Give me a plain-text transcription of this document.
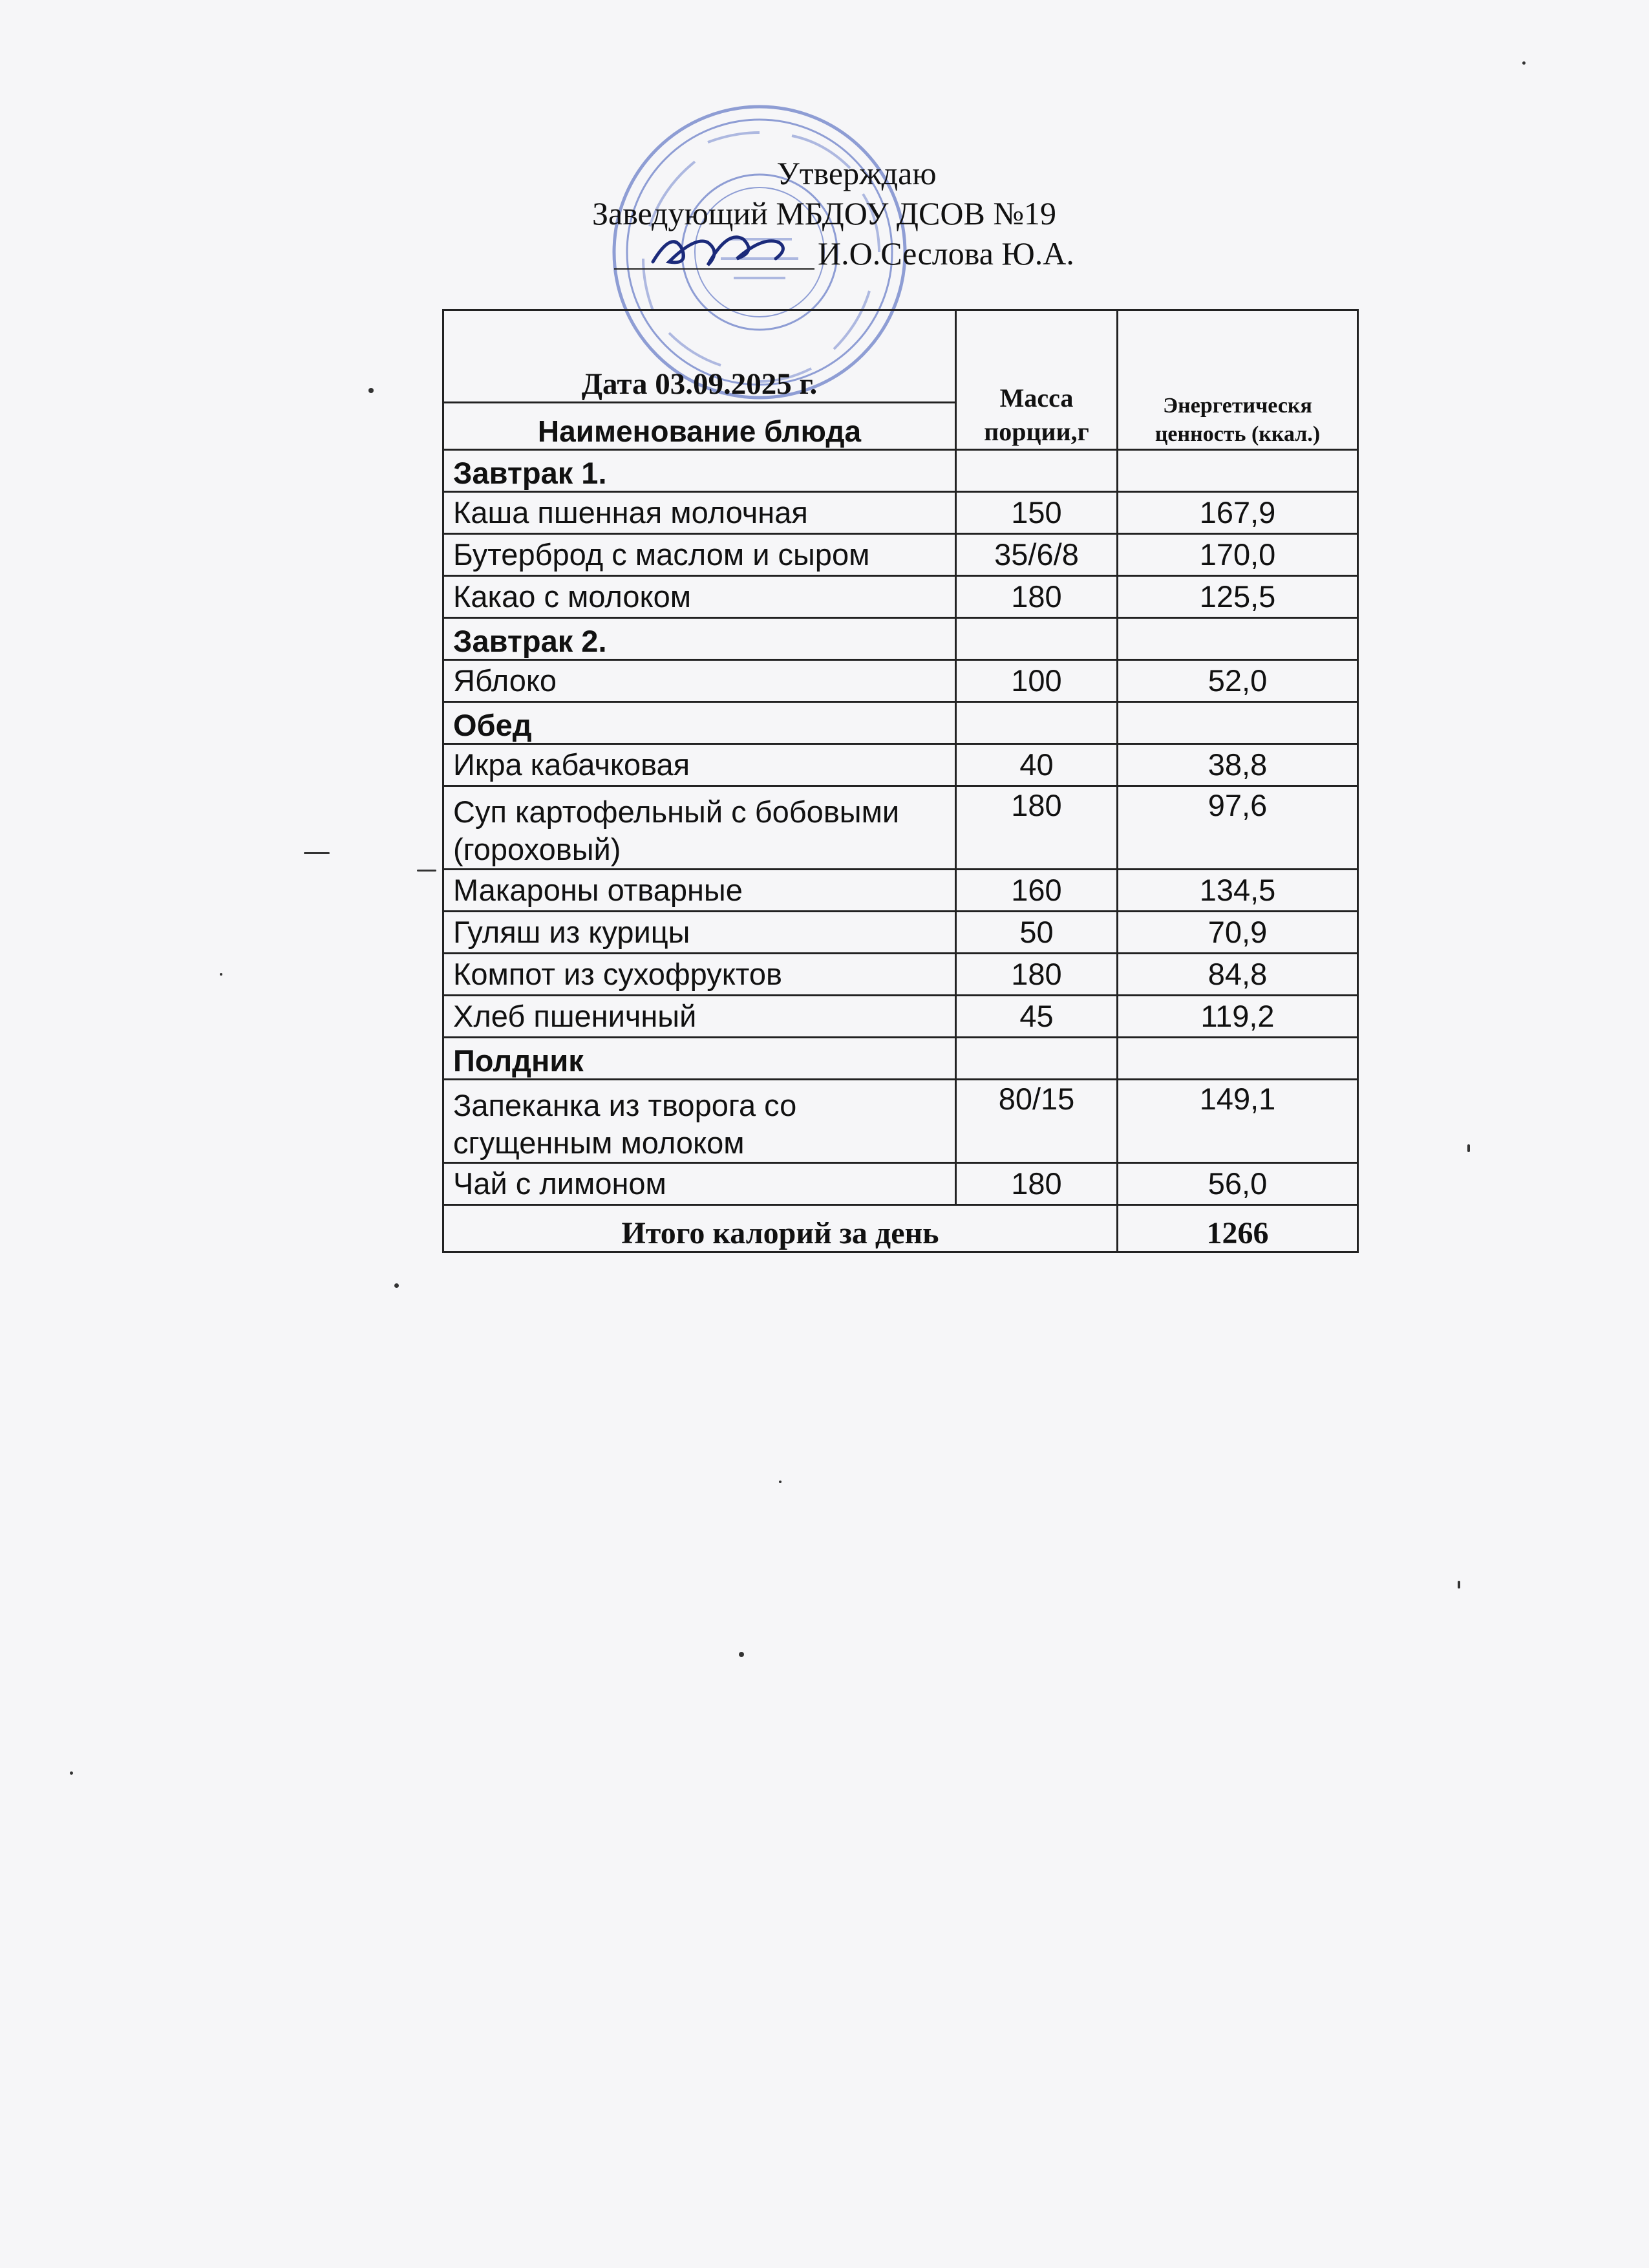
Утверждаю
Заведующий МБДОУ ДСОВ №19
И.О.Сеслова Ю.А.
Дата 03.09.2025 г.	Масса порции,г	Энергетическя ценность (ккал.)
Наименование блюда		
Завтрак 1.		
Каша пшенная молочная	150	167,9
Бутерброд с маслом и сыром	35/6/8	170,0
Какао с молоком	180	125,5
Завтрак 2.		
Яблоко	100	52,0
Обед		
Икра кабачковая	40	38,8
Суп картофельный с бобовыми (гороховый)	180	97,6
Макароны отварные	160	134,5
Гуляш из курицы	50	70,9
Компот из сухофруктов	180	84,8
Хлеб пшеничный	45	119,2
Полдник		
Запеканка из творога со сгущенным молоком	80/15	149,1
Чай с лимоном	180	56,0
Итого калорий за день		1266
